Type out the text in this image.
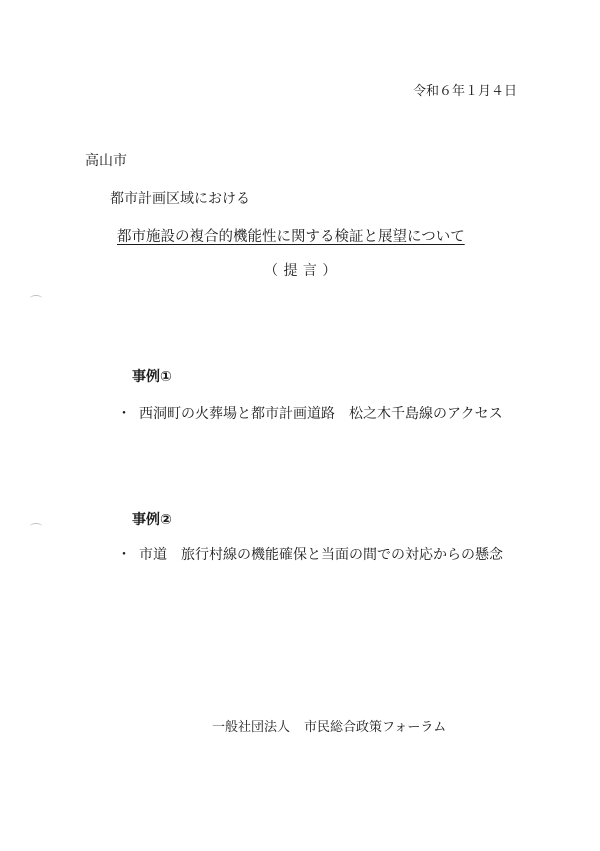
令和６年１月４日
高山市
都市計画区域における
都市施設の複合的機能性に関する検証と展望について
（ 提 言 ）
事例①
・ 西洞町の火葬場と都市計画道路　松之木千島線のアクセス
事例②
・ 市道　旅行村線の機能確保と当面の間での対応からの懸念
一般社団法人 市民総合政策フォーラム
